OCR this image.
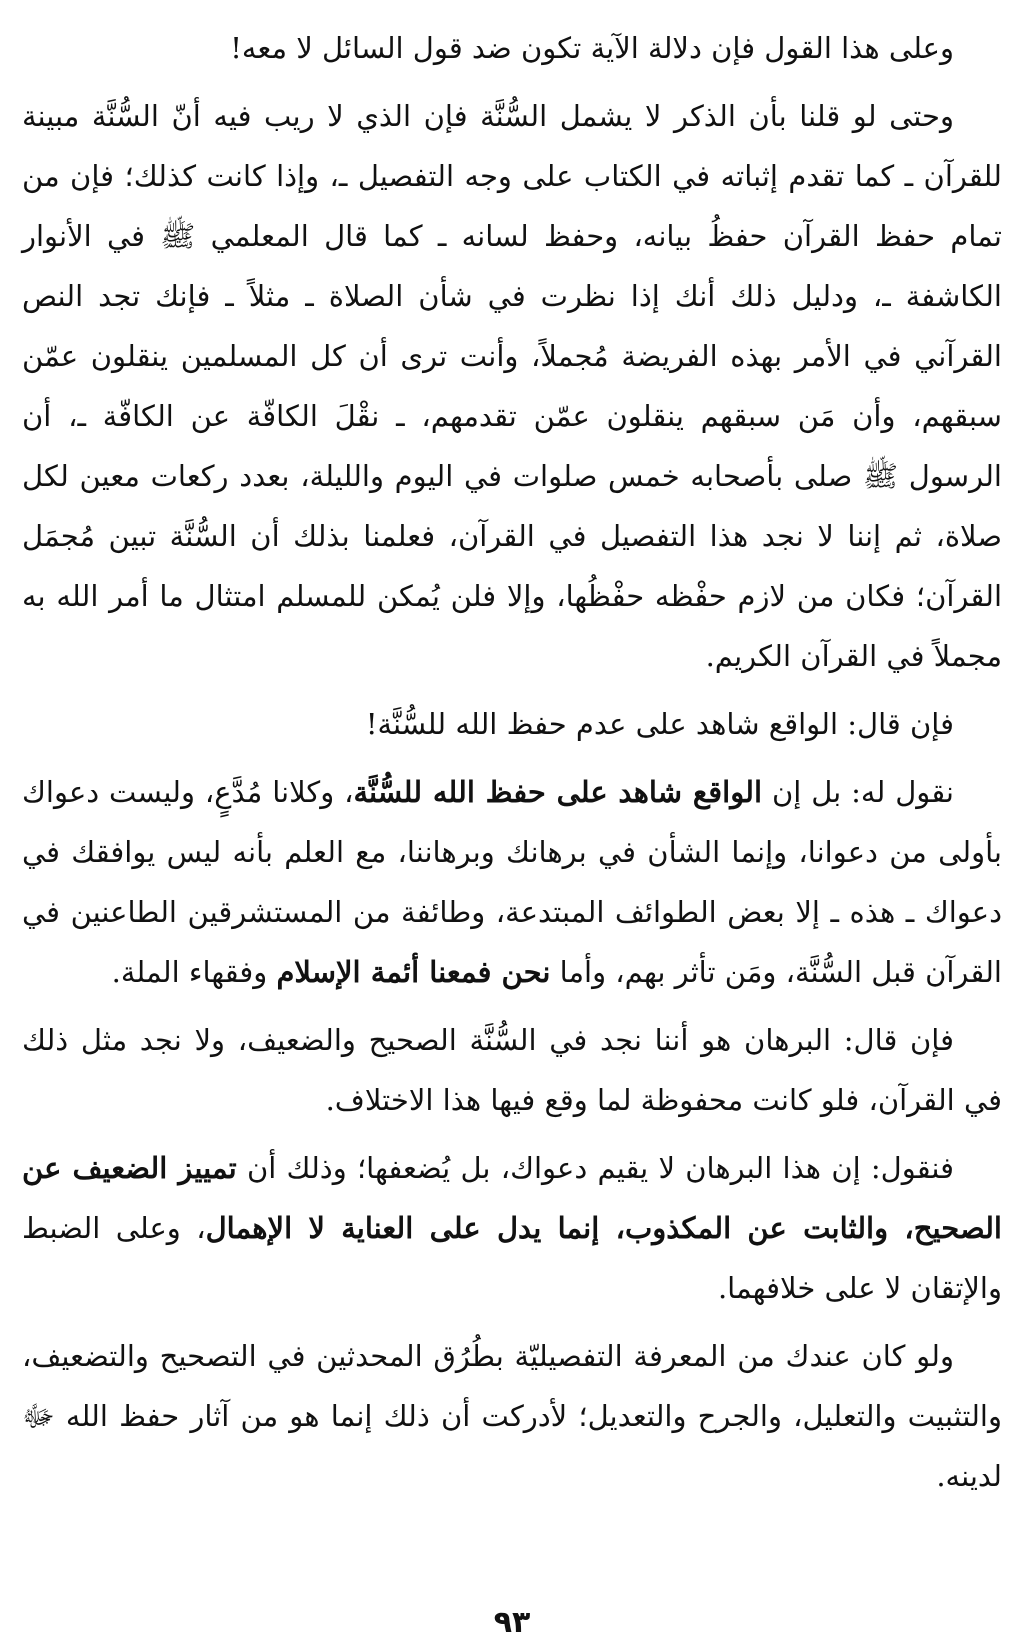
وعلى هذا القول فإن دلالة الآية تكون ضد قول السائل لا معه!

وحتى لو قلنا بأن الذكر لا يشمل السُّنَّة فإن الذي لا ريب فيه أنّ السُّنَّة مبينة للقرآن ـ كما تقدم إثباته في الكتاب على وجه التفصيل ـ، وإذا كانت كذلك؛ فإن من تمام حفظ القرآن حفظُ بيانه، وحفظ لسانه ـ كما قال المعلمي ﷺ في الأنوار الكاشفة ـ، ودليل ذلك أنك إذا نظرت في شأن الصلاة ـ مثلاً ـ فإنك تجد النص القرآني في الأمر بهذه الفريضة مُجملاً، وأنت ترى أن كل المسلمين ينقلون عمّن سبقهم، وأن مَن سبقهم ينقلون عمّن تقدمهم، ـ نقْلَ الكافّة عن الكافّة ـ، أن الرسول ﷺ صلى بأصحابه خمس صلوات في اليوم والليلة، بعدد ركعات معين لكل صلاة، ثم إننا لا نجد هذا التفصيل في القرآن، فعلمنا بذلك أن السُّنَّة تبين مُجمَل القرآن؛ فكان من لازم حفْظه حفْظُها، وإلا فلن يُمكن للمسلم امتثال ما أمر الله به مجملاً في القرآن الكريم.

فإن قال: الواقع شاهد على عدم حفظ الله للسُّنَّة!

نقول له: بل إن الواقع شاهد على حفظ الله للسُّنَّة، وكلانا مُدَّعٍ، وليست دعواك بأولى من دعوانا، وإنما الشأن في برهانك وبرهاننا، مع العلم بأنه ليس يوافقك في دعواك ـ هذه ـ إلا بعض الطوائف المبتدعة، وطائفة من المستشرقين الطاعنين في القرآن قبل السُّنَّة، ومَن تأثر بهم، وأما نحن فمعنا أئمة الإسلام وفقهاء الملة.

فإن قال: البرهان هو أننا نجد في السُّنَّة الصحيح والضعيف، ولا نجد مثل ذلك في القرآن، فلو كانت محفوظة لما وقع فيها هذا الاختلاف.

فنقول: إن هذا البرهان لا يقيم دعواك، بل يُضعفها؛ وذلك أن تمييز الضعيف عن الصحيح، والثابت عن المكذوب، إنما يدل على العناية لا الإهمال، وعلى الضبط والإتقان لا على خلافهما.

ولو كان عندك من المعرفة التفصيليّة بطُرُق المحدثين في التصحيح والتضعيف، والتثبيت والتعليل، والجرح والتعديل؛ لأدركت أن ذلك إنما هو من آثار حفظ الله ﷻ لدينه.

٩٣
